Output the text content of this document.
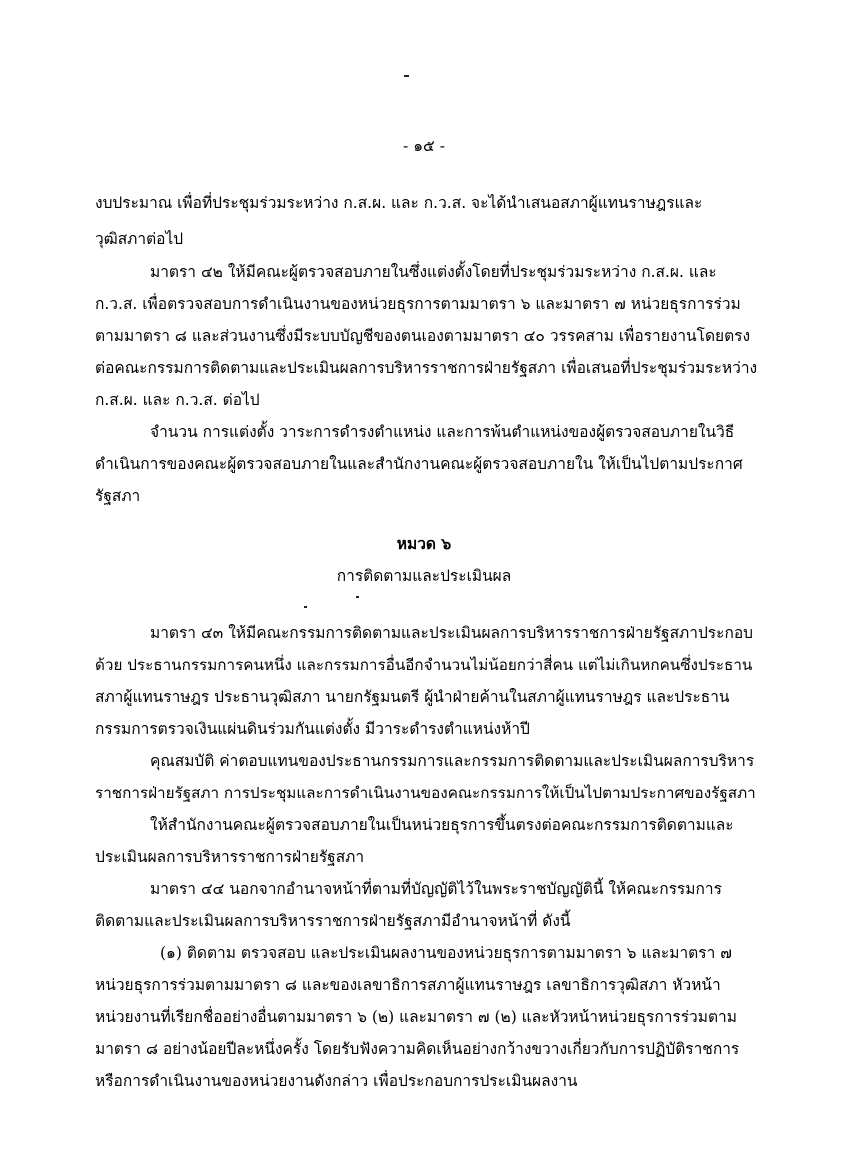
- ๑๕ -
งบประมาณ เพื่อที่ประชุมร่วมระหว่าง ก.ส.ผ. และ ก.ว.ส. จะได้นำเสนอสภาผู้แทนราษฎรและ
วุฒิสภาต่อไป
มาตรา ๔๒ ให้มีคณะผู้ตรวจสอบภายในซึ่งแต่งตั้งโดยที่ประชุมร่วมระหว่าง ก.ส.ผ. และ
ก.ว.ส. เพื่อตรวจสอบการดำเนินงานของหน่วยธุรการตามมาตรา ๖ และมาตรา ๗ หน่วยธุรการร่วม
ตามมาตรา ๘ และส่วนงานซึ่งมีระบบบัญชีของตนเองตามมาตรา ๔๐ วรรคสาม เพื่อรายงานโดยตรง
ต่อคณะกรรมการติดตามและประเมินผลการบริหารราชการฝ่ายรัฐสภา เพื่อเสนอที่ประชุมร่วมระหว่าง
ก.ส.ผ. และ ก.ว.ส. ต่อไป
จำนวน การแต่งตั้ง วาระการดำรงตำแหน่ง และการพ้นตำแหน่งของผู้ตรวจสอบภายในวิธี
ดำเนินการของคณะผู้ตรวจสอบภายในและสำนักงานคณะผู้ตรวจสอบภายใน ให้เป็นไปตามประกาศ
รัฐสภา
หมวด ๖
การติดตามและประเมินผล
มาตรา ๔๓ ให้มีคณะกรรมการติดตามและประเมินผลการบริหารราชการฝ่ายรัฐสภาประกอบ
ด้วย ประธานกรรมการคนหนึ่ง และกรรมการอื่นอีกจำนวนไม่น้อยกว่าสี่คน แต่ไม่เกินหกคนซึ่งประธาน
สภาผู้แทนราษฎร ประธานวุฒิสภา นายกรัฐมนตรี ผู้นำฝ่ายค้านในสภาผู้แทนราษฎร และประธาน
กรรมการตรวจเงินแผ่นดินร่วมกันแต่งตั้ง มีวาระดำรงตำแหน่งห้าปี
คุณสมบัติ ค่าตอบแทนของประธานกรรมการและกรรมการติดตามและประเมินผลการบริหาร
ราชการฝ่ายรัฐสภา การประชุมและการดำเนินงานของคณะกรรมการให้เป็นไปตามประกาศของรัฐสภา
ให้สำนักงานคณะผู้ตรวจสอบภายในเป็นหน่วยธุรการขึ้นตรงต่อคณะกรรมการติดตามและ
ประเมินผลการบริหารราชการฝ่ายรัฐสภา
มาตรา ๔๔ นอกจากอำนาจหน้าที่ตามที่บัญญัติไว้ในพระราชบัญญัตินี้ ให้คณะกรรมการ
ติดตามและประเมินผลการบริหารราชการฝ่ายรัฐสภามีอำนาจหน้าที่ ดังนี้
(๑) ติดตาม ตรวจสอบ และประเมินผลงานของหน่วยธุรการตามมาตรา ๖ และมาตรา ๗
หน่วยธุรการร่วมตามมาตรา ๘ และของเลขาธิการสภาผู้แทนราษฎร เลขาธิการวุฒิสภา หัวหน้า
หน่วยงานที่เรียกชื่ออย่างอื่นตามมาตรา ๖ (๒) และมาตรา ๗ (๒) และหัวหน้าหน่วยธุรการร่วมตาม
มาตรา ๘ อย่างน้อยปีละหนึ่งครั้ง โดยรับฟังความคิดเห็นอย่างกว้างขวางเกี่ยวกับการปฏิบัติราชการ
หรือการดำเนินงานของหน่วยงานดังกล่าว เพื่อประกอบการประเมินผลงาน
